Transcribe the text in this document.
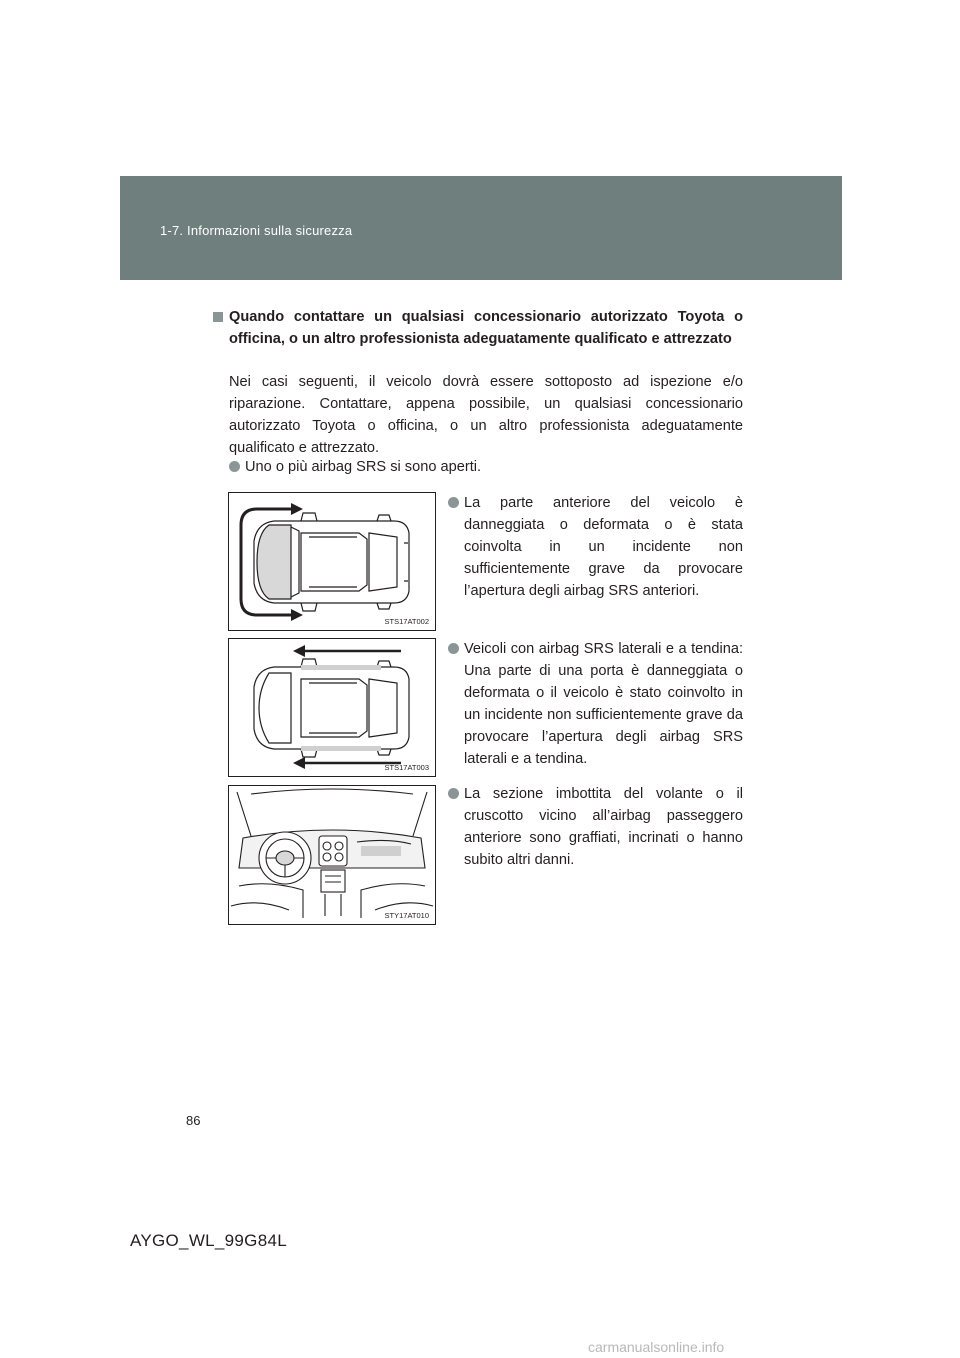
1-7. Informazioni sulla sicurezza
Quando contattare un qualsiasi concessionario autorizzato Toyota o officina, o un altro professionista adeguatamente qualificato e attrezzato
Nei casi seguenti, il veicolo dovrà essere sottoposto ad ispezione e/o riparazione. Contattare, appena possibile, un qualsiasi concessionario autorizzato Toyota o officina, o un altro professionista adeguatamente qualificato e attrezzato.
Uno o più airbag SRS si sono aperti.
STS17AT002
La parte anteriore del veicolo è danneggiata o deformata o è stata coinvolta in un incidente non sufficientemente grave da provocare l’apertura degli airbag SRS anteriori.
STS17AT003
Veicoli con airbag SRS laterali e a tendina: Una parte di una porta è danneggiata o deformata o il veicolo è stato coinvolto in un incidente non sufficientemente grave da provocare l’apertura degli airbag SRS laterali e a tendina.
STY17AT010
La sezione imbottita del volante o il cruscotto vicino all’airbag passeggero anteriore sono graffiati, incrinati o hanno subito altri danni.
86
AYGO_WL_99G84L
carmanualsonline.info
